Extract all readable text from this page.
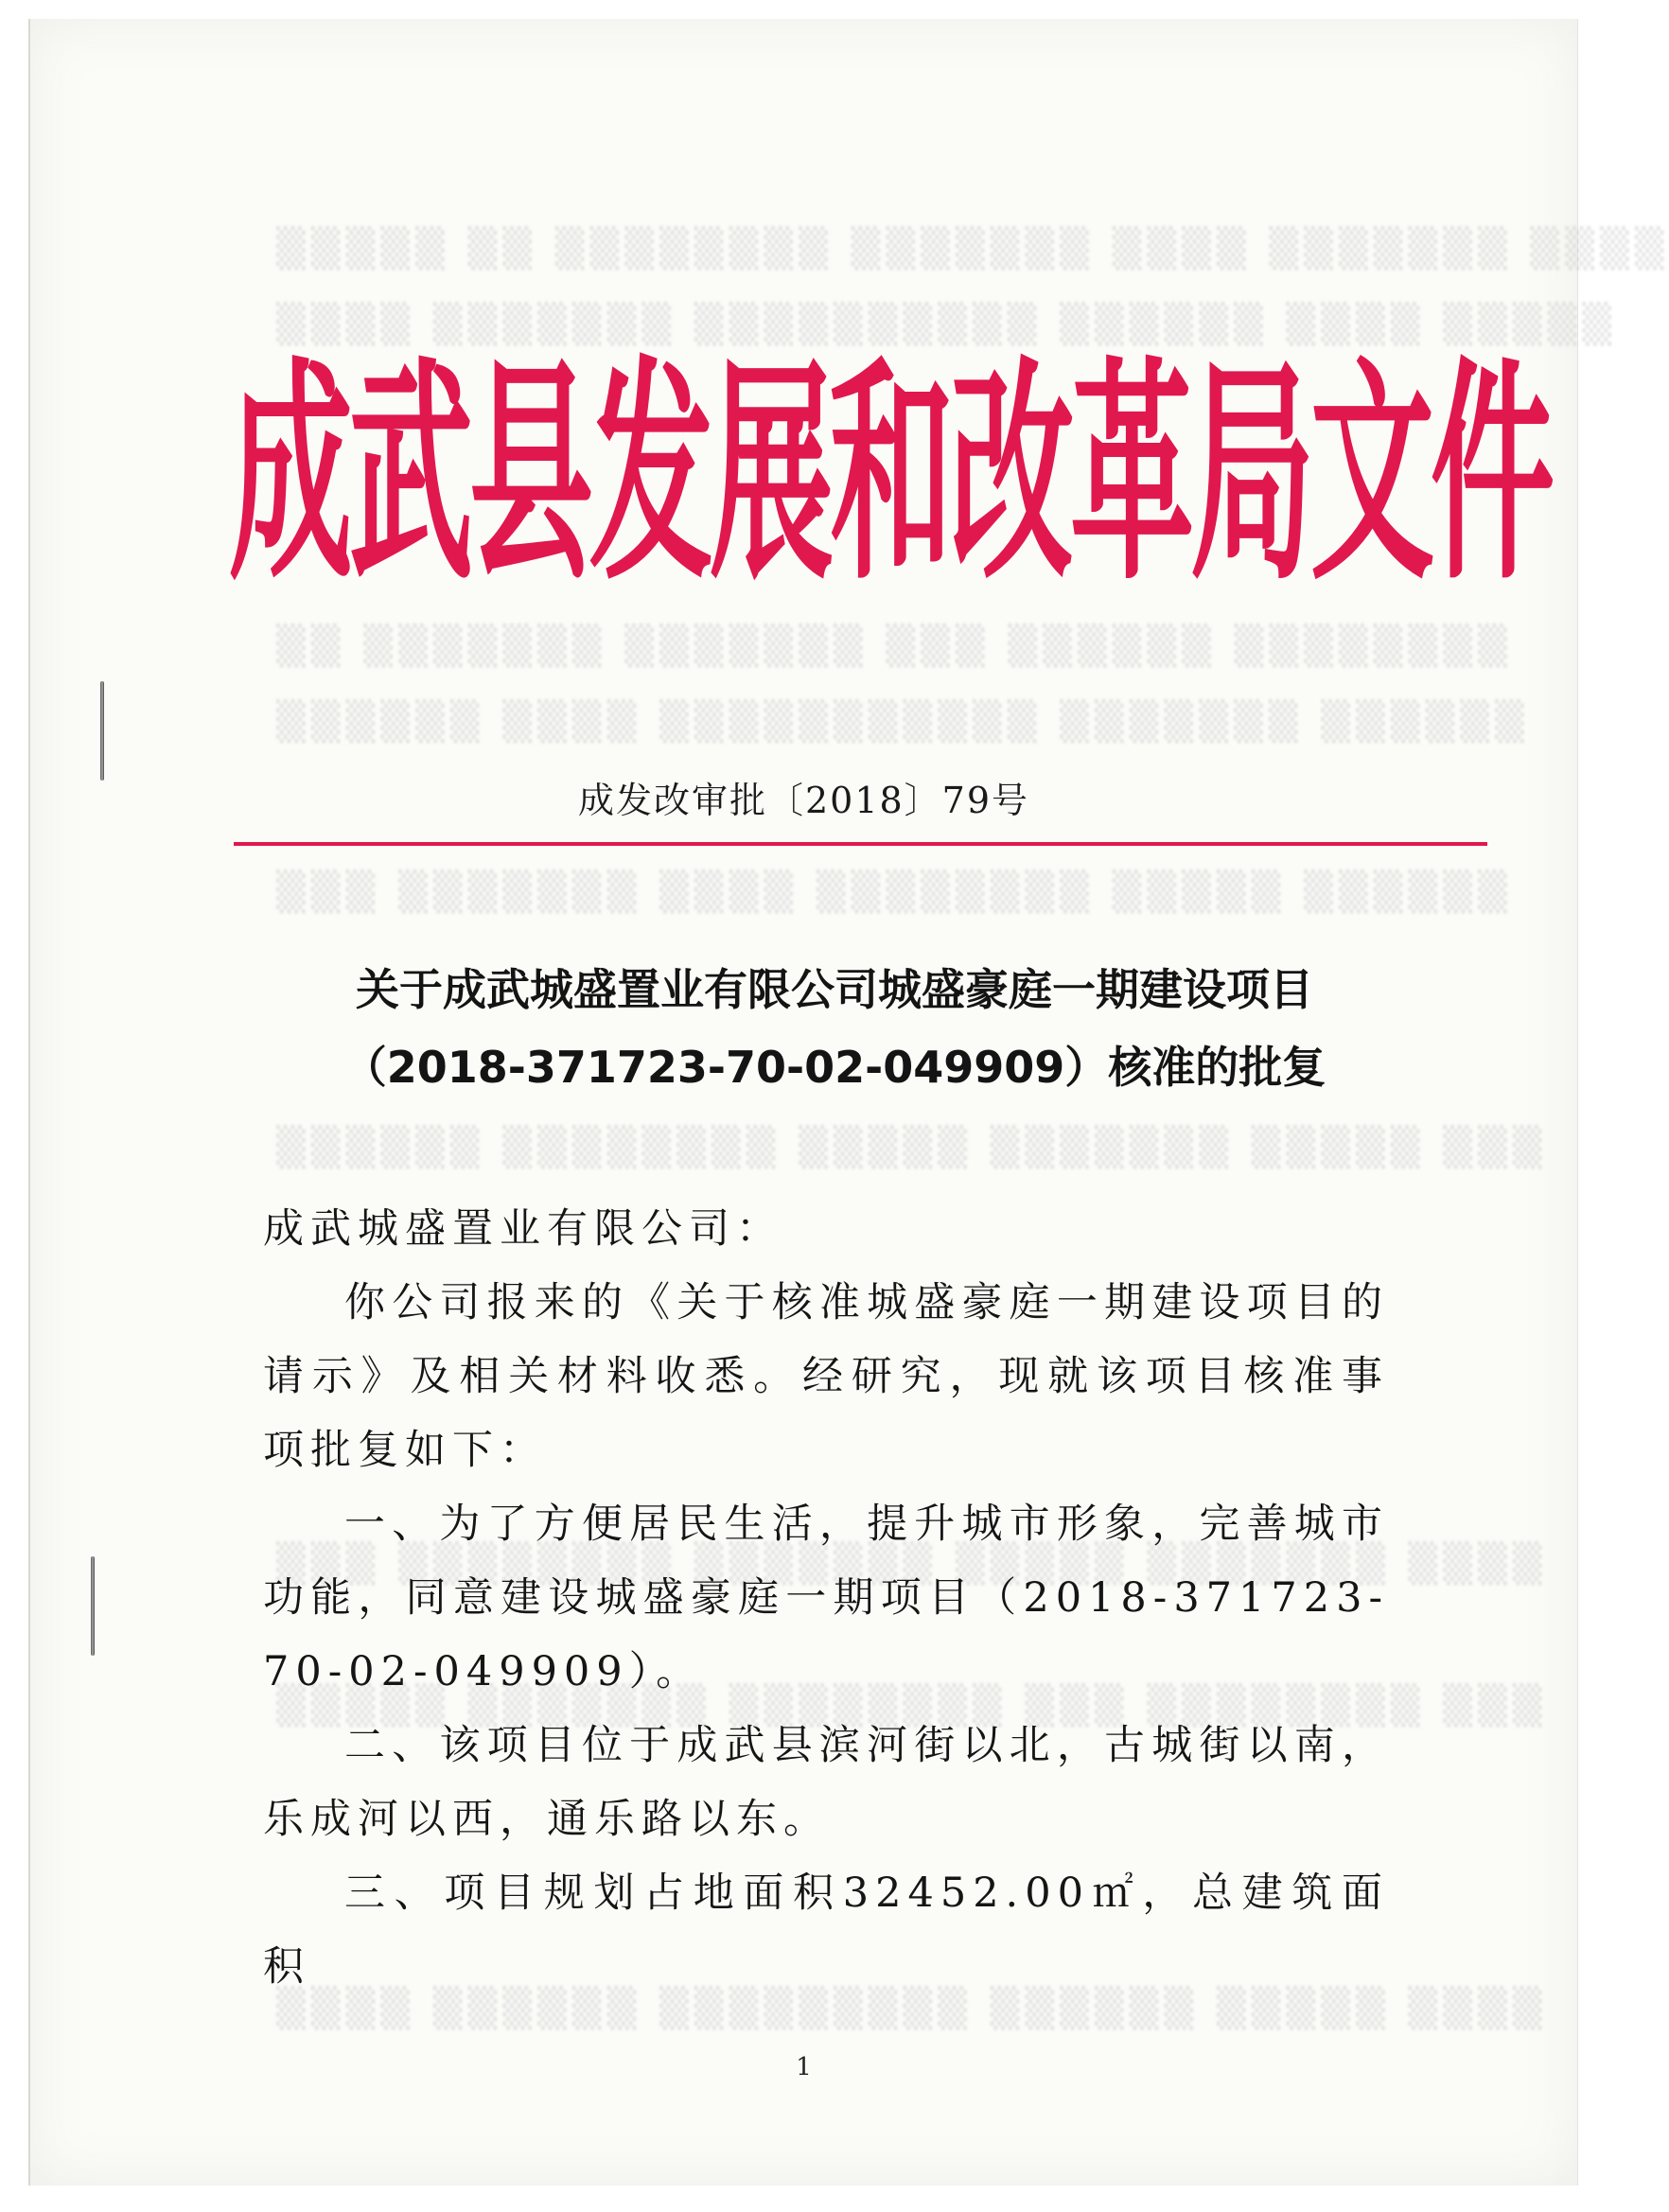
▒▒▒▒▒ ▒▒ ▒▒▒▒▒▒▒▒ ▒▒▒▒▒▒▒ ▒▒▒▒ ▒▒▒▒▒▒▒ ▒▒▒▒
▒▒▒▒ ▒▒▒▒▒▒▒ ▒▒▒▒▒▒▒▒▒▒ ▒▒▒▒▒▒ ▒▒▒▒ ▒▒▒▒▒
▒▒ ▒▒▒▒▒▒▒ ▒▒▒▒▒▒▒ ▒▒▒ ▒▒▒▒▒▒ ▒▒▒▒▒▒▒▒
▒▒▒▒▒▒ ▒▒▒▒ ▒▒▒▒▒▒▒▒▒▒▒ ▒▒▒▒▒▒▒ ▒▒▒▒▒▒
▒▒▒ ▒▒▒▒▒▒▒ ▒▒▒▒ ▒▒▒▒▒▒▒▒ ▒▒▒▒▒ ▒▒▒▒▒▒
▒▒▒▒▒▒ ▒▒▒▒▒▒▒▒ ▒▒▒▒▒ ▒▒▒▒▒▒▒ ▒▒▒▒▒ ▒▒▒
▒▒▒ ▒▒▒▒▒▒▒▒ ▒▒▒▒▒▒▒ ▒▒▒▒▒ ▒▒▒▒▒▒▒ ▒▒▒▒
▒▒▒▒▒ ▒▒▒▒▒▒▒ ▒▒▒▒▒▒▒▒ ▒▒▒ ▒▒▒▒▒▒▒▒ ▒▒▒
▒▒▒▒ ▒▒▒▒▒▒ ▒▒▒▒▒▒▒▒▒ ▒▒▒▒▒▒ ▒▒▒▒▒ ▒▒▒▒
成武县发展和改革局文件
成发改审批〔2018〕79号
关于成武城盛置业有限公司城盛豪庭一期建设项目
（2018-371723-70-02-049909）核准的批复

成武城盛置业有限公司：

你公司报来的《关于核准城盛豪庭一期建设项目的请示》及相关材料收悉。经研究，现就该项目核准事项批复如下：

一、为了方便居民生活，提升城市形象，完善城市功能，同意建设城盛豪庭一期项目（2018-371723-70-02-049909）。

二、该项目位于成武县滨河街以北，古城街以南，乐成河以西，通乐路以东。

三、项目规划占地面积32452.00㎡，总建筑面积

1
